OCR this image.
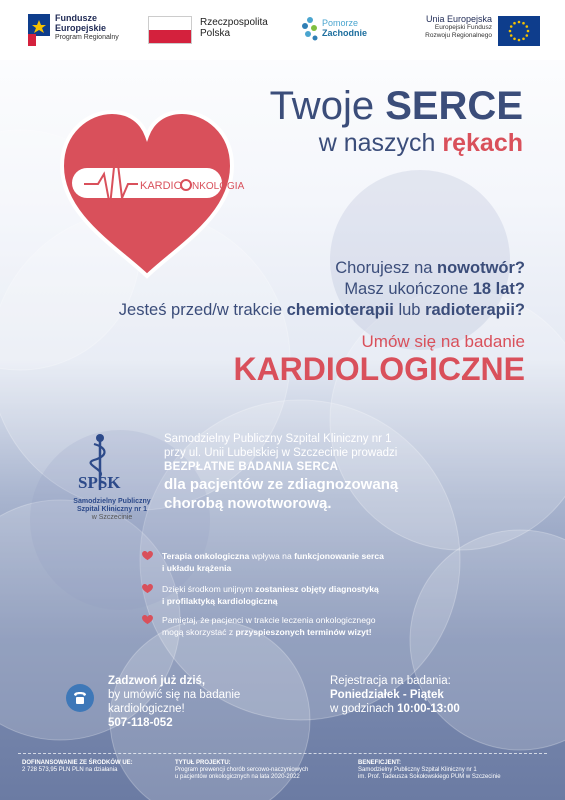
Fundusze Europejskie
Program Regionalny
Rzeczpospolita
Polska
Pomorze
Zachodnie
Unia Europejska
Europejski Fundusz
Rozwoju Regionalnego
Twoje SERCE
w naszych rękach
KARDIO NKOLOGIA
Chorujesz na nowotwór?
Masz ukończone 18 lat?
Jesteś przed/w trakcie chemioterapii lub radioterapii?
Umów się na badanie
KARDIOLOGICZNE
SPSK
Samodzielny Publiczny
Szpital Kliniczny nr 1
w Szczecinie
Samodzielny Publiczny Szpital Kliniczny nr 1
przy ul. Unii Lubelskiej w Szczecinie prowadzi
BEZPŁATNE BADANIA SERCA
dla pacjentów ze zdiagnozowaną
chorobą nowotworową.
Terapia onkologiczna wpływa na funkcjonowanie serca
i układu krążenia
Dzięki środkom unijnym zostaniesz objęty diagnostyką
i profilaktyką kardiologiczną
Pamiętaj, że pacjenci w trakcie leczenia onkologicznego
mogą skorzystać z przyspieszonych terminów wizyt!
Zadzwoń już dziś,
by umówić się na badanie
kardiologiczne!
507-118-052
Rejestracja na badania:
Poniedziałek - Piątek
w godzinach 10:00-13:00
DOFINANSOWANIE ZE ŚRODKÓW UE:
2 728 573,95 PLN PLN na działania
TYTUŁ PROJEKTU:
Program prewencji chorób sercowo-naczyniowych
u pacjentów onkologicznych na lata 2020-2022
BENEFICJENT:
Samodzielny Publiczny Szpital Kliniczny nr 1
im. Prof. Tadeusza Sokołowskiego PUM w Szczecinie
